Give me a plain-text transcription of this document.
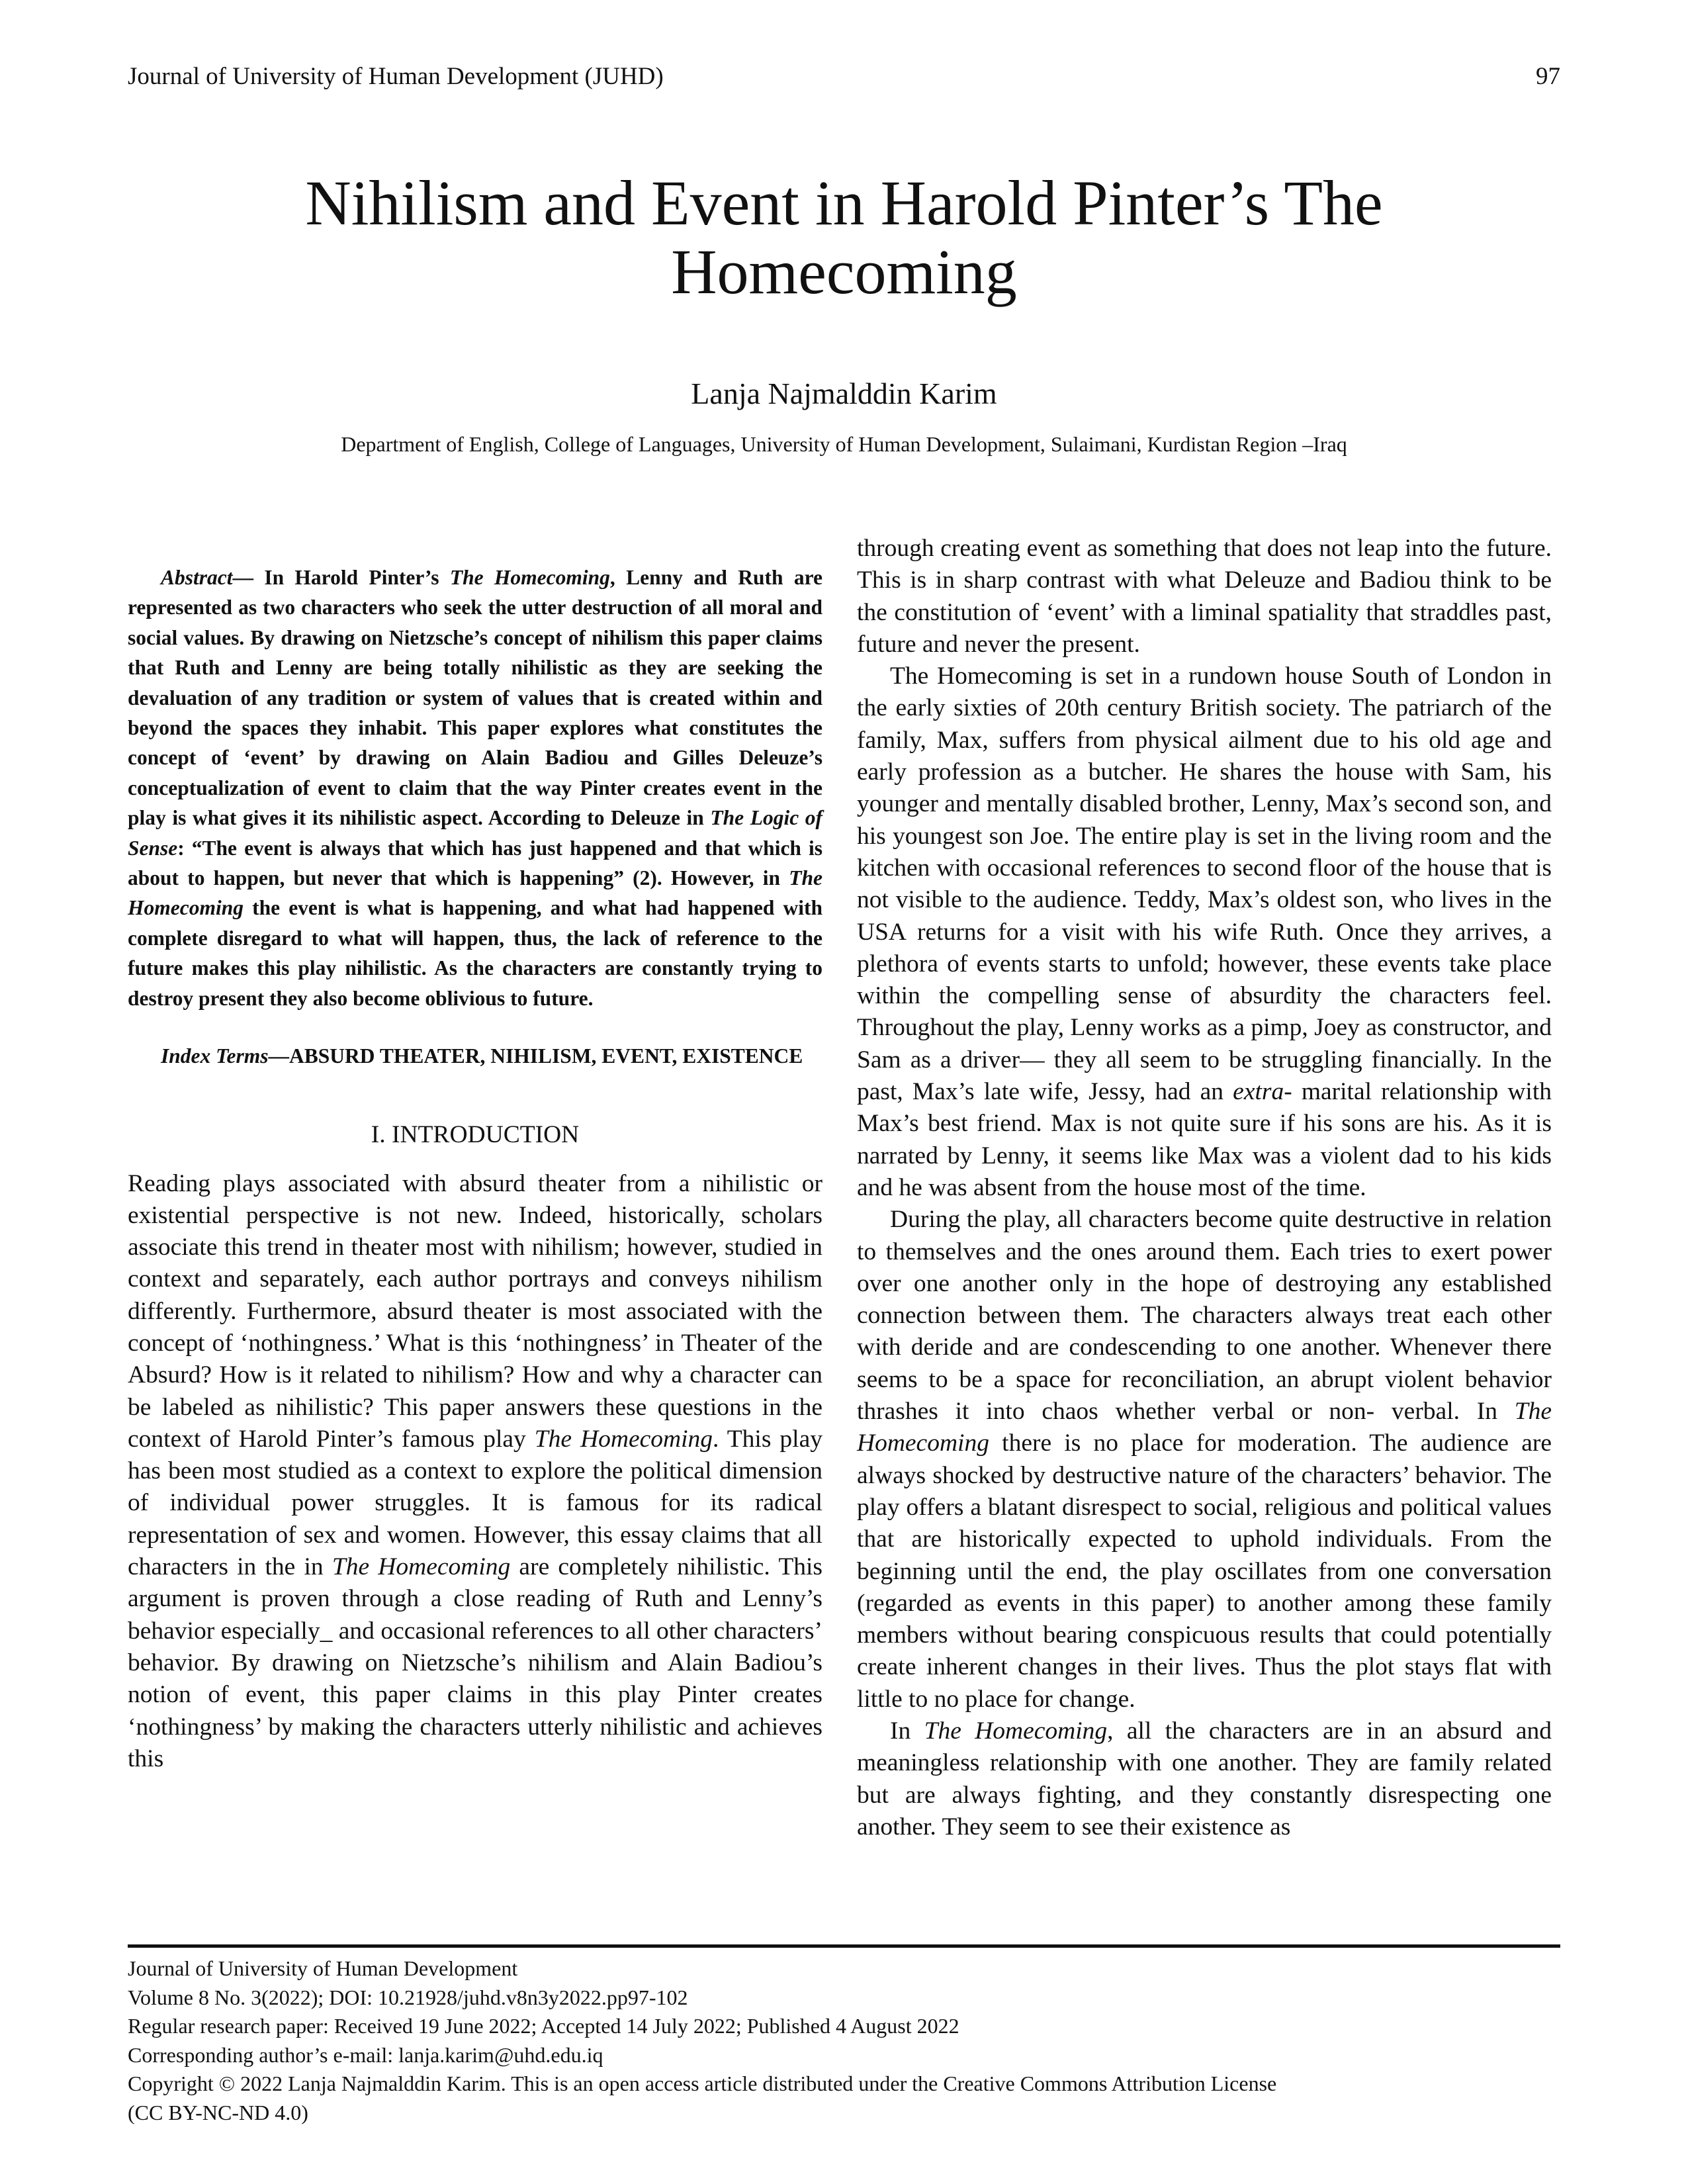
Journal of University of Human Development (JUHD)	97
Nihilism and Event in Harold Pinter’s The Homecoming
Lanja Najmalddin Karim
Department of English, College of Languages, University of Human Development, Sulaimani, Kurdistan Region –Iraq

Abstract— In Harold Pinter’s The Homecoming, Lenny and Ruth are represented as two characters who seek the utter destruction of all moral and social values. By drawing on Nietzsche’s concept of nihilism this paper claims that Ruth and Lenny are being totally nihilistic as they are seeking the devaluation of any tradition or system of values that is created within and beyond the spaces they inhabit. This paper explores what constitutes the concept of ‘event’ by drawing on Alain Badiou and Gilles Deleuze’s conceptualization of event to claim that the way Pinter creates event in the play is what gives it its nihilistic aspect. According to Deleuze in The Logic of Sense: “The event is always that which has just happened and that which is about to happen, but never that which is happening” (2). However, in The Homecoming the event is what is happening, and what had happened with complete disregard to what will happen, thus, the lack of reference to the future makes this play nihilistic. As the characters are constantly trying to destroy present they also become oblivious to future.

Index Terms—ABSURD THEATER, NIHILISM, EVENT, EXISTENCE

I. INTRODUCTION

Reading plays associated with absurd theater from a nihilistic or existential perspective is not new. Indeed, historically, scholars associate this trend in theater most with nihilism; however, studied in context and separately, each author portrays and conveys nihilism differently. Furthermore, absurd theater is most associated with the concept of ‘nothingness.’ What is this ‘nothingness’ in Theater of the Absurd? How is it related to nihilism? How and why a character can be labeled as nihilistic? This paper answers these questions in the context of Harold Pinter’s famous play The Homecoming. This play has been most studied as a context to explore the political dimension of individual power struggles. It is famous for its radical representation of sex and women. However, this essay claims that all characters in the in The Homecoming are completely nihilistic. This argument is proven through a close reading of Ruth and Lenny’s behavior especially_ and occasional references to all other characters’ behavior. By drawing on Nietzsche’s nihilism and Alain Badiou’s notion of event, this paper claims in this play Pinter creates ‘nothingness’ by making the characters utterly nihilistic and achieves this

through creating event as something that does not leap into the future. This is in sharp contrast with what Deleuze and Badiou think to be the constitution of ‘event’ with a liminal spatiality that straddles past, future and never the present.

The Homecoming is set in a rundown house South of London in the early sixties of 20th century British society. The patriarch of the family, Max, suffers from physical ailment due to his old age and early profession as a butcher. He shares the house with Sam, his younger and mentally disabled brother, Lenny, Max’s second son, and his youngest son Joe. The entire play is set in the living room and the kitchen with occasional references to second floor of the house that is not visible to the audience. Teddy, Max’s oldest son, who lives in the USA returns for a visit with his wife Ruth. Once they arrives, a plethora of events starts to unfold; however, these events take place within the compelling sense of absurdity the characters feel. Throughout the play, Lenny works as a pimp, Joey as constructor, and Sam as a driver— they all seem to be struggling financially. In the past, Max’s late wife, Jessy, had an extra- marital relationship with Max’s best friend. Max is not quite sure if his sons are his. As it is narrated by Lenny, it seems like Max was a violent dad to his kids and he was absent from the house most of the time.

During the play, all characters become quite destructive in relation to themselves and the ones around them. Each tries to exert power over one another only in the hope of destroying any established connection between them. The characters always treat each other with deride and are condescending to one another. Whenever there seems to be a space for reconciliation, an abrupt violent behavior thrashes it into chaos whether verbal or non- verbal. In The Homecoming there is no place for moderation. The audience are always shocked by destructive nature of the characters’ behavior. The play offers a blatant disrespect to social, religious and political values that are historically expected to uphold individuals. From the beginning until the end, the play oscillates from one conversation (regarded as events in this paper) to another among these family members without bearing conspicuous results that could potentially create inherent changes in their lives. Thus the plot stays flat with little to no place for change.

In The Homecoming, all the characters are in an absurd and meaningless relationship with one another. They are family related but are always fighting, and they constantly disrespecting one another. They seem to see their existence as

Journal of University of Human Development
Volume 8 No. 3(2022); DOI: 10.21928/juhd.v8n3y2022.pp97-102
Regular research paper: Received 19 June 2022; Accepted 14 July 2022; Published 4 August 2022
Corresponding author’s e-mail: lanja.karim@uhd.edu.iq
Copyright © 2022 Lanja Najmalddin Karim. This is an open access article distributed under the Creative Commons Attribution License
(CC BY-NC-ND 4.0)
